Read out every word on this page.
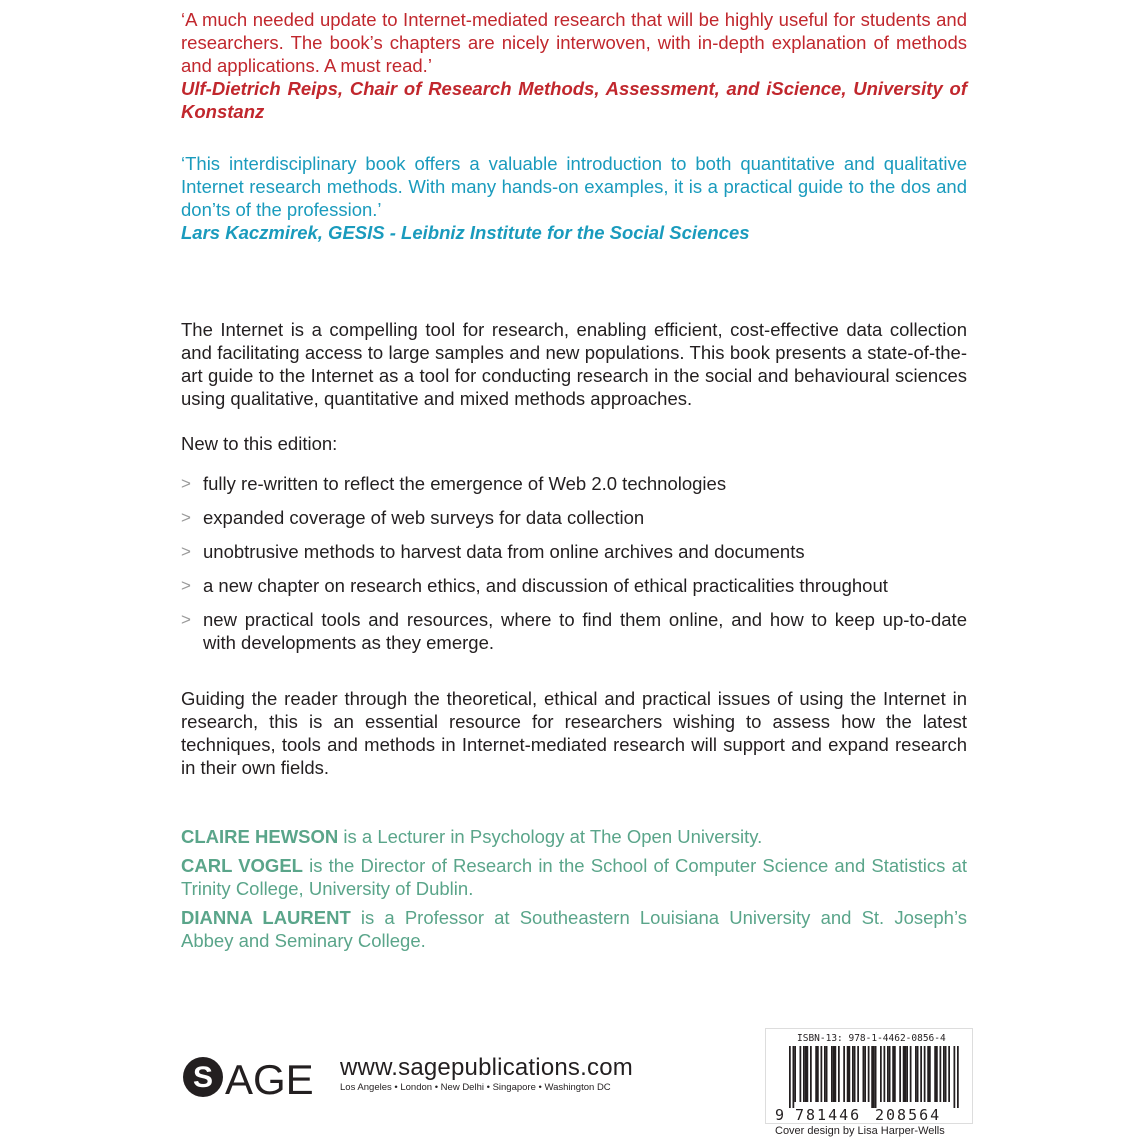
‘A much needed update to Internet-mediated research that will be highly useful for students and researchers. The book’s chapters are nicely interwoven, with in-depth explanation of methods and applications. A must read.’

Ulf-Dietrich Reips, Chair of Research Methods, Assessment, and iScience, University of Konstanz

‘This interdisciplinary book offers a valuable introduction to both quantitative and qualitative Internet research methods. With many hands-on examples, it is a practical guide to the dos and don’ts of the profession.’

Lars Kaczmirek, GESIS - Leibniz Institute for the Social Sciences

The Internet is a compelling tool for research, enabling efficient, cost-effective data collection and facilitating access to large samples and new populations. This book presents a state-of-the-art guide to the Internet as a tool for conducting research in the social and behavioural sciences using qualitative, quantitative and mixed methods approaches.

New to this edition:

> fully re-written to reflect the emergence of Web 2.0 technologies
> expanded coverage of web surveys for data collection
> unobtrusive methods to harvest data from online archives and documents
> a new chapter on research ethics, and discussion of ethical practicalities throughout
> new practical tools and resources, where to find them online, and how to keep up-to-date with developments as they emerge.

Guiding the reader through the theoretical, ethical and practical issues of using the Internet in research, this is an essential resource for researchers wishing to assess how the latest techniques, tools and methods in Internet-mediated research will support and expand research in their own fields.

CLAIRE HEWSON is a Lecturer in Psychology at The Open University.

CARL VOGEL is the Director of Research in the School of Computer Science and Statistics at Trinity College, University of Dublin.

DIANNA LAURENT is a Professor at Southeastern Louisiana University and St. Joseph’s Abbey and Seminary College.

S AGE www.sagepublications.com
Los Angeles • London • New Delhi • Singapore • Washington DC
ISBN-13: 978-1-4462-0856-4
9 781446 208564
Cover design by Lisa Harper-Wells
